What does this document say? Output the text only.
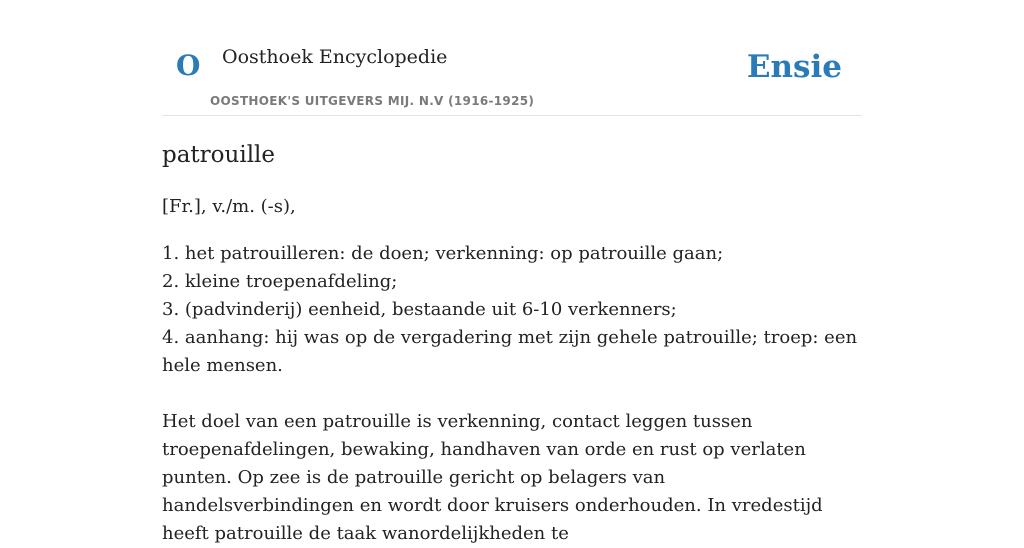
O Oosthoek Encyclopedie
OOSTHOEK'S UITGEVERS MIJ. N.V (1916-1925)
Ensie
patrouille

[Fr.], v./m. (-s),

1. het patrouilleren: de doen; verkenning: op patrouille gaan;
2. kleine troepenafdeling;
3. (padvinderij) eenheid, bestaande uit 6-10 verkenners;
4. aanhang: hij was op de vergadering met zijn gehele patrouille; troep: een hele mensen.

Het doel van een patrouille is verkenning, contact leggen tussen troepenafdelingen, bewaking, handhaven van orde en rust op verlaten punten. Op zee is de patrouille gericht op belagers van handelsverbindingen en wordt door kruisers onderhouden. In vredestijd heeft patrouille de taak wanordelijkheden te
